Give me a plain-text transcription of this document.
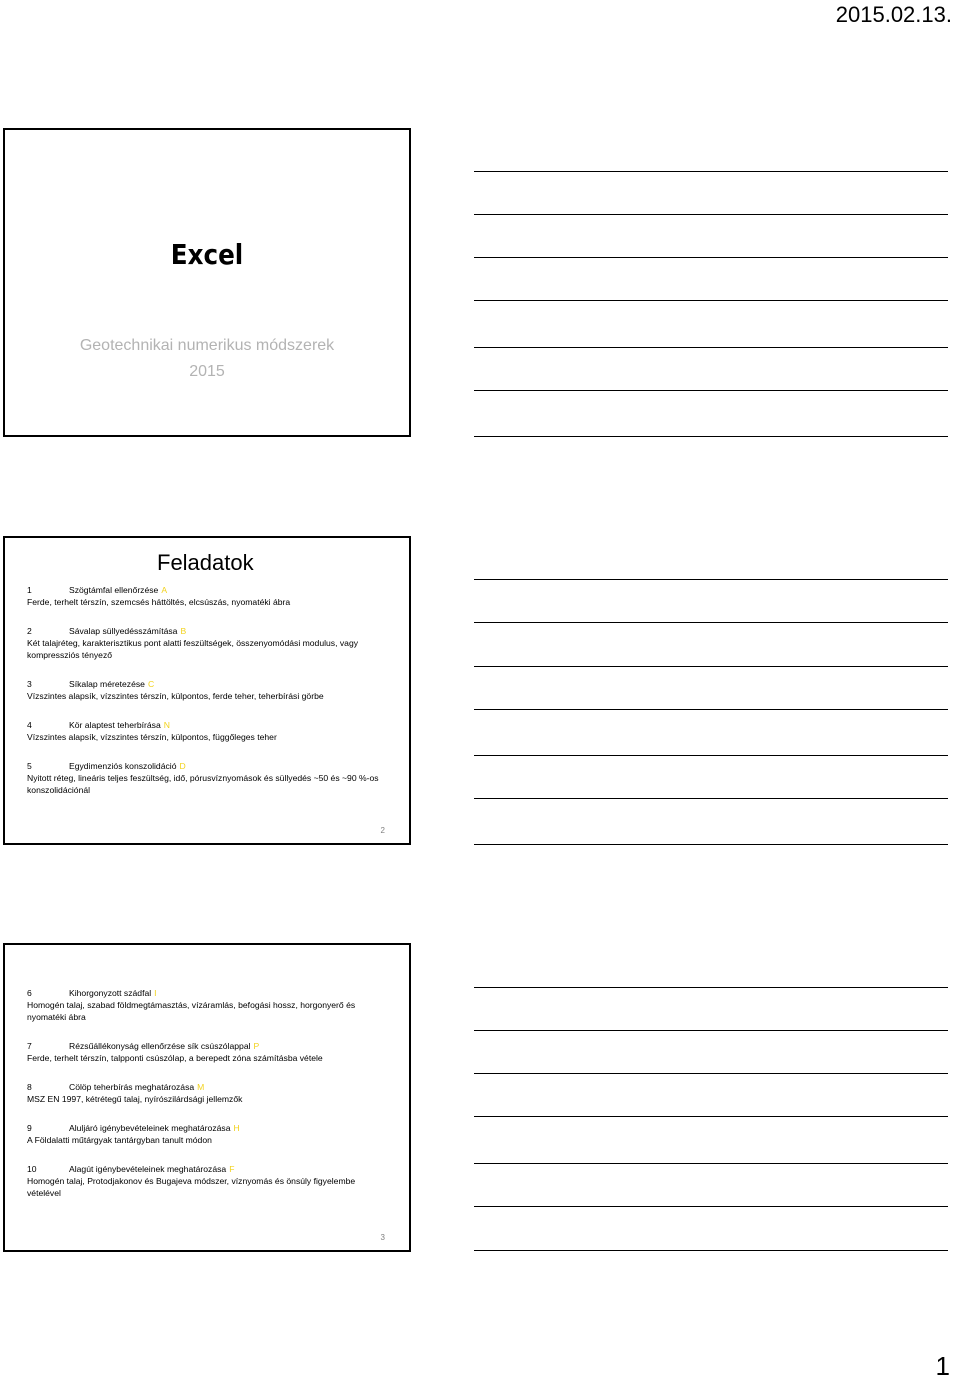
2015.02.13.
Excel
Geotechnikai numerikus módszerek
2015
Feladatok
1	Szögtámfal ellenőrzése A
Ferde, terhelt térszín, szemcsés háttöltés, elcsúszás, nyomatéki ábra
2	Sávalap süllyedésszámítása B
Két talajréteg, karakterisztikus pont alatti feszültségek, összenyomódási modulus, vagy kompressziós tényező
3	Síkalap méretezése C
Vízszintes alapsík, vízszintes térszín, külpontos, ferde teher, teherbírási görbe
4	Kör alaptest teherbírása N
Vízszintes alapsík, vízszintes térszín, külpontos, függőleges teher
5	Egydimenziós konszolidáció D
Nyitott réteg, lineáris teljes feszültség, idő, pórusvíznyomások és süllyedés ~50 és ~90 %-os konszolidációnál
2
6	Kihorgonyzott szádfal I
Homogén talaj, szabad földmegtámasztás, vízáramlás, befogási hossz, horgonyerő és nyomatéki ábra
7	Rézsűállékonyság ellenőrzése sík csúszólappal P
Ferde, terhelt térszín, talpponti csúszólap, a berepedt zóna számításba vétele
8	Cölöp teherbírás meghatározása M
MSZ EN 1997, kétrétegű talaj, nyírószilárdsági jellemzők
9	Aluljáró igénybevételeinek meghatározása H
A Földalatti műtárgyak tantárgyban tanult módon
10	Alagút igénybevételeinek meghatározása F
Homogén talaj, Protodjakonov és Bugajeva módszer, víznyomás és önsúly figyelembe vételével
3
1
